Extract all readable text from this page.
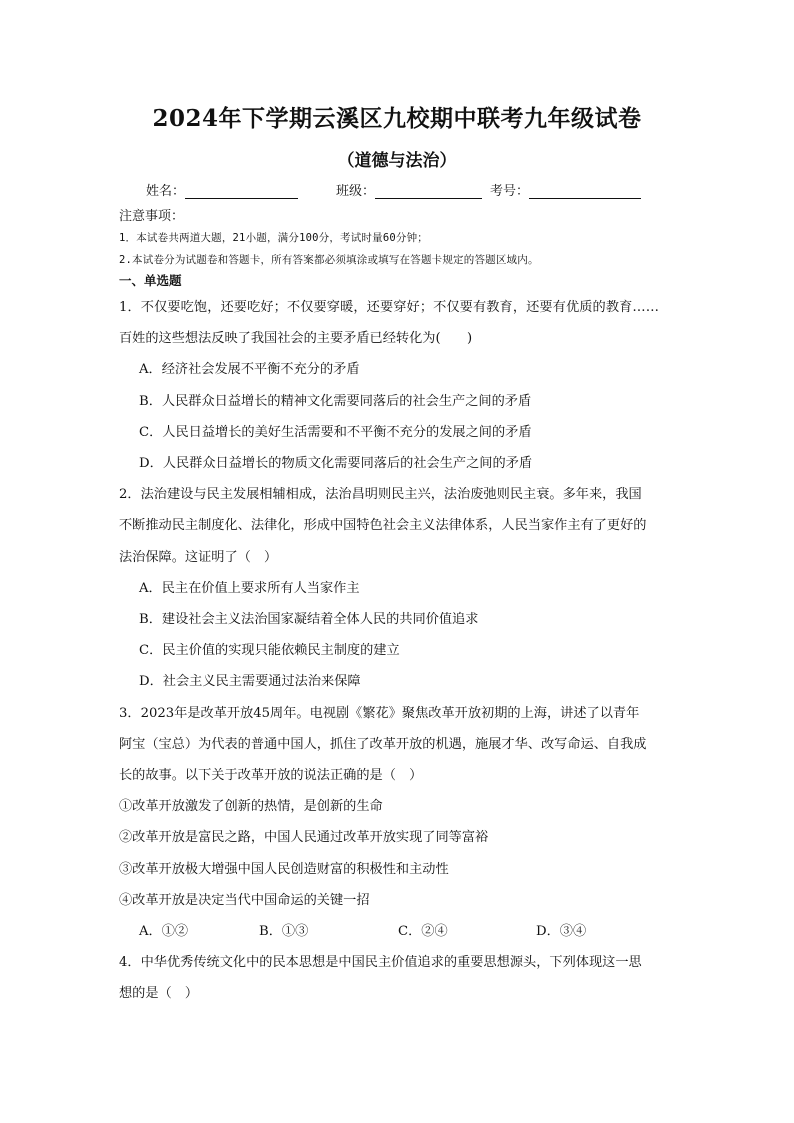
2024年下学期云溪区九校期中联考九年级试卷
（道德与法治）
姓名：	班级：	考号：
注意事项：
1．本试卷共两道大题，21小题，满分100分，考试时量60分钟；
2.本试卷分为试题卷和答题卡，所有答案都必须填涂或填写在答题卡规定的答题区域内。
一、单选题
1．不仅要吃饱，还要吃好；不仅要穿暖，还要穿好；不仅要有教育，还要有优质的教育……
百姓的这些想法反映了我国社会的主要矛盾已经转化为(　　)
A．经济社会发展不平衡不充分的矛盾
B．人民群众日益增长的精神文化需要同落后的社会生产之间的矛盾
C．人民日益增长的美好生活需要和不平衡不充分的发展之间的矛盾
D．人民群众日益增长的物质文化需要同落后的社会生产之间的矛盾
2．法治建设与民主发展相辅相成，法治昌明则民主兴，法治废弛则民主衰。多年来，我国
不断推动民主制度化、法律化，形成中国特色社会主义法律体系，人民当家作主有了更好的
法治保障。这证明了（　）
A．民主在价值上要求所有人当家作主
B．建设社会主义法治国家凝结着全体人民的共同价值追求
C．民主价值的实现只能依赖民主制度的建立
D．社会主义民主需要通过法治来保障
3．2023年是改革开放45周年。电视剧《繁花》聚焦改革开放初期的上海，讲述了以青年
阿宝（宝总）为代表的普通中国人，抓住了改革开放的机遇，施展才华、改写命运、自我成
长的故事。以下关于改革开放的说法正确的是（　）
①改革开放激发了创新的热情，是创新的生命
②改革开放是富民之路，中国人民通过改革开放实现了同等富裕
③改革开放极大增强中国人民创造财富的积极性和主动性
④改革开放是决定当代中国命运的关键一招
A．①②	B．①③	C．②④	D．③④
4．中华优秀传统文化中的民本思想是中国民主价值追求的重要思想源头，下列体现这一思
想的是（　）
